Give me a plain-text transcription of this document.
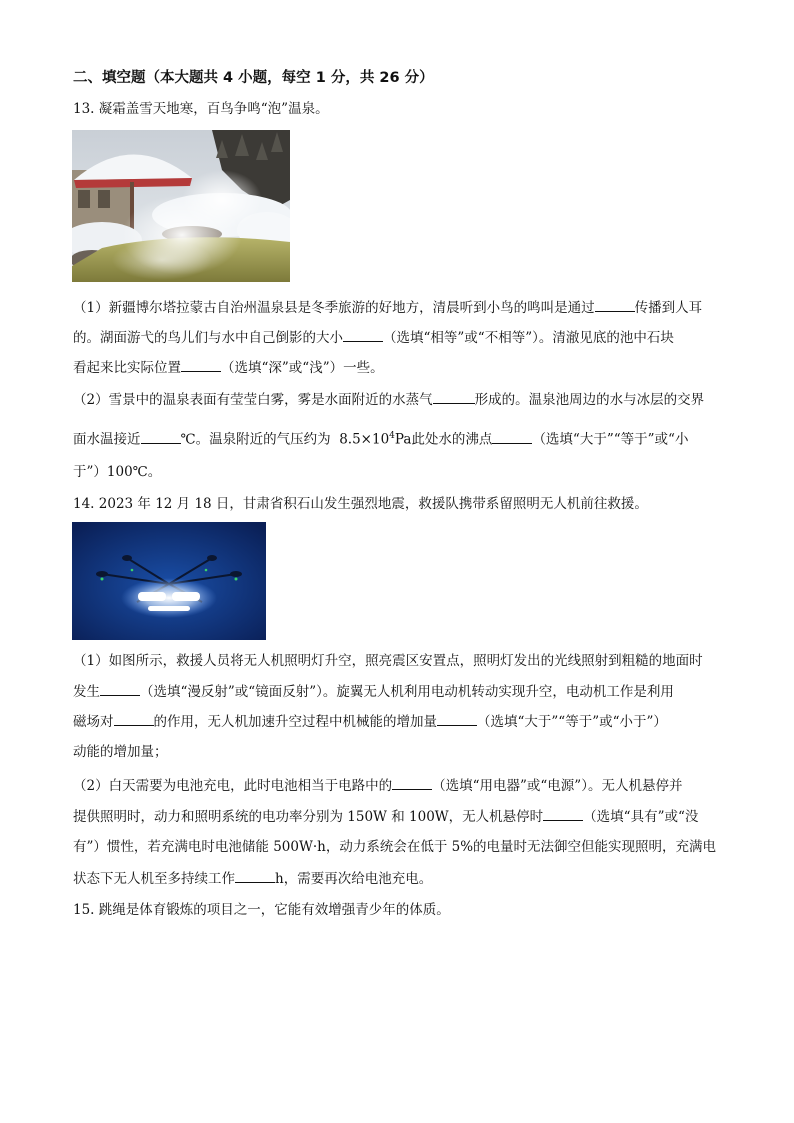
二、填空题（本大题共 4 小题，每空 1 分，共 26 分）
13. 凝霜盖雪天地寒，百鸟争鸣“泡”温泉。
（1）新疆博尔塔拉蒙古自治州温泉县是冬季旅游的好地方，清晨听到小鸟的鸣叫是通过	传播到人耳
的。湖面游弋的鸟儿们与水中自己倒影的大小	（选填“相等”或“不相等”）。清澈见底的池中石块
看起来比实际位置	（选填“深”或“浅”）一些。
（2）雪景中的温泉表面有莹莹白雾，雾是水面附近的水蒸气	形成的。温泉池周边的水与冰层的交界
面水温接近	℃。温泉附近的气压约为 $8.5\times 10^4Pa$此处水的沸点	（选填“大于”“等于”或“小
于”）100℃。
14. 2023 年 12 月 18 日，甘肃省积石山发生强烈地震，救援队携带系留照明无人机前往救援。
（1）如图所示，救援人员将无人机照明灯升空，照亮震区安置点，照明灯发出的光线照射到粗糙的地面时
发生	（选填“漫反射”或“镜面反射”）。旋翼无人机利用电动机转动实现升空，电动机工作是利用
磁场对	的作用，无人机加速升空过程中机械能的增加量	（选填“大于”“等于”或“小于”）
动能的增加量；
（2）白天需要为电池充电，此时电池相当于电路中的	（选填“用电器”或“电源”）。无人机悬停并
提供照明时，动力和照明系统的电功率分别为 150W 和 100W，无人机悬停时	（选填“具有”或“没
有”）惯性，若充满电时电池储能 500W·h，动力系统会在低于 5%的电量时无法御空但能实现照明，充满电
状态下无人机至多持续工作	h，需要再次给电池充电。
15. 跳绳是体育锻炼的项目之一，它能有效增强青少年的体质。
